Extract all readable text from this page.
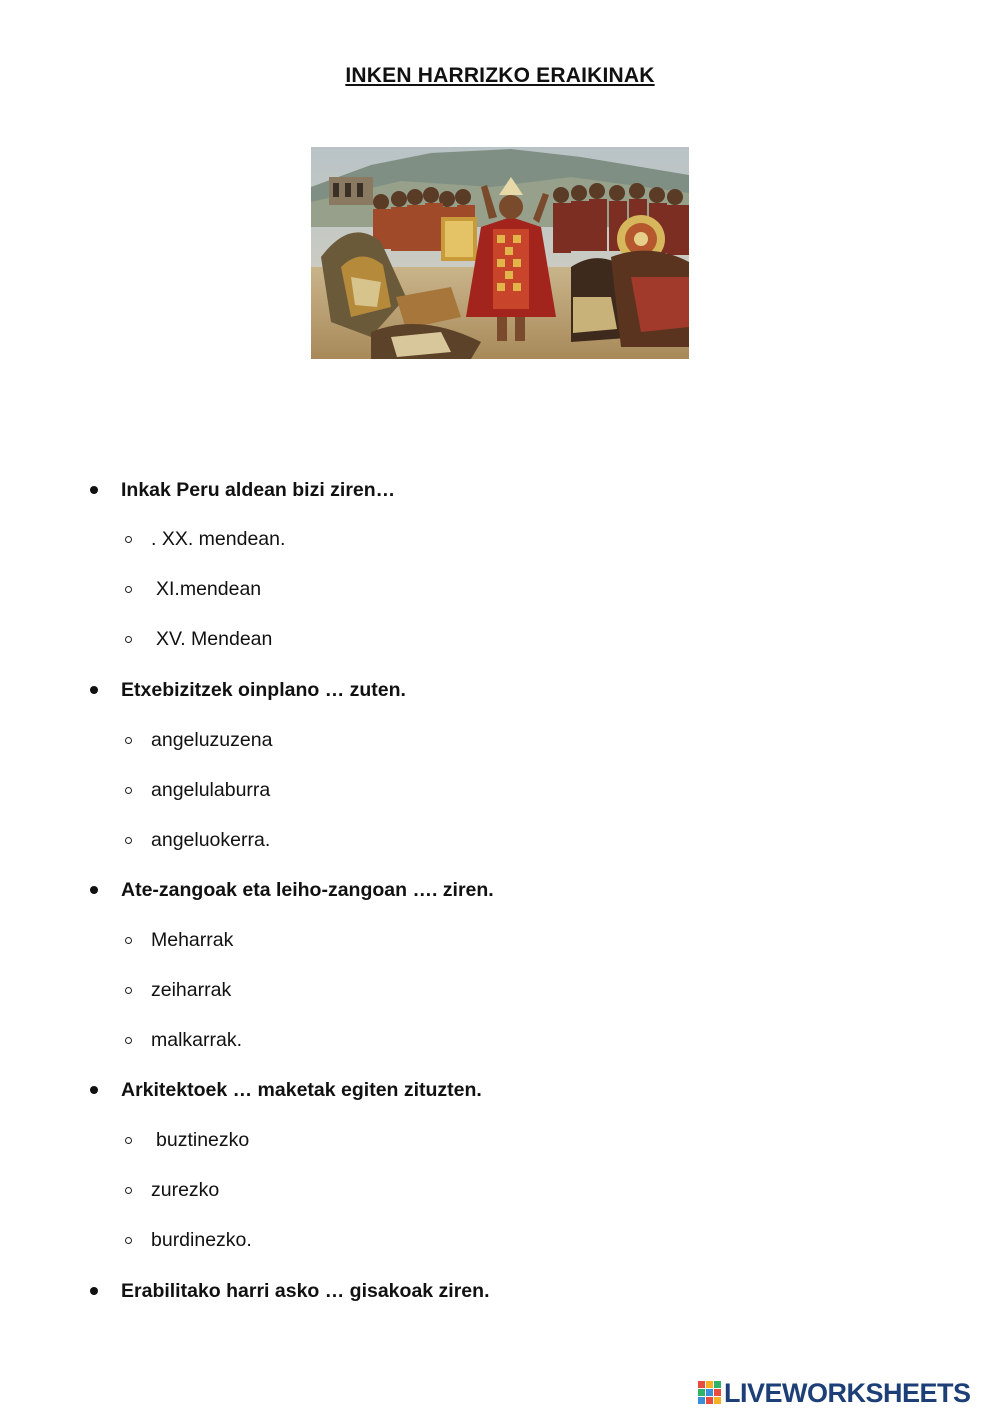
INKEN HARRIZKO ERAIKINAK
Inkak Peru aldean bizi ziren…
. XX. mendean.
XI.mendean
XV. Mendean
Etxebizitzek oinplano … zuten.
angeluzuzena
angelulaburra
angeluokerra.
Ate-zangoak eta leiho-zangoan …. ziren.
Meharrak
zeiharrak
malkarrak.
Arkitektoek … maketak egiten zituzten.
buztinezko
zurezko
burdinezko.
Erabilitako harri asko … gisakoak ziren.
LIVEWORKSHEETS
